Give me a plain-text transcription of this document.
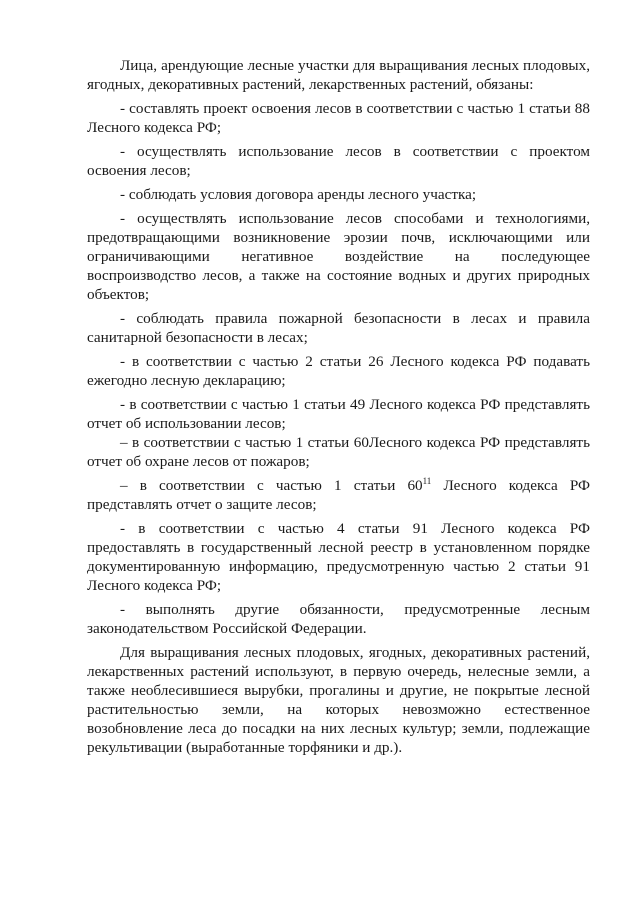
Лица, арендующие лесные участки для выращивания лесных плодовых, ягодных, декоративных растений, лекарственных растений, обязаны:

- составлять проект освоения лесов в соответствии с частью 1 статьи 88 Лесного кодекса РФ;

- осуществлять использование лесов в соответствии с проектом освоения лесов;

- соблюдать условия договора аренды лесного участка;

- осуществлять использование лесов способами и технологиями, предотвращающими возникновение эрозии почв, исключающими или ограничивающими негативное воздействие на последующее воспроизводство лесов, а также на состояние водных и других природных объектов;

- соблюдать правила пожарной безопасности в лесах и правила санитарной безопасности в лесах;

- в соответствии с частью 2 статьи 26 Лесного кодекса РФ подавать ежегодно лесную декларацию;

- в соответствии с частью 1 статьи 49 Лесного кодекса РФ представлять отчет об использовании лесов;

– в соответствии с частью 1 статьи 60Лесного кодекса РФ представлять отчет об охране лесов от пожаров;

– в соответствии с частью 1 статьи $60^{11}$ Лесного кодекса РФ представлять отчет о защите лесов;

- в соответствии с частью 4 статьи 91 Лесного кодекса РФ предоставлять в государственный лесной реестр в установленном порядке документированную информацию, предусмотренную частью 2 статьи 91 Лесного кодекса РФ;

- выполнять другие обязанности, предусмотренные лесным законодательством Российской Федерации.

Для выращивания лесных плодовых, ягодных, декоративных растений, лекарственных растений используют, в первую очередь, нелесные земли, а также необлесившиеся вырубки, прогалины и другие, не покрытые лесной растительностью земли, на которых невозможно естественное возобновление леса до посадки на них лесных культур; земли, подлежащие рекультивации (выработанные торфяники и др.).
